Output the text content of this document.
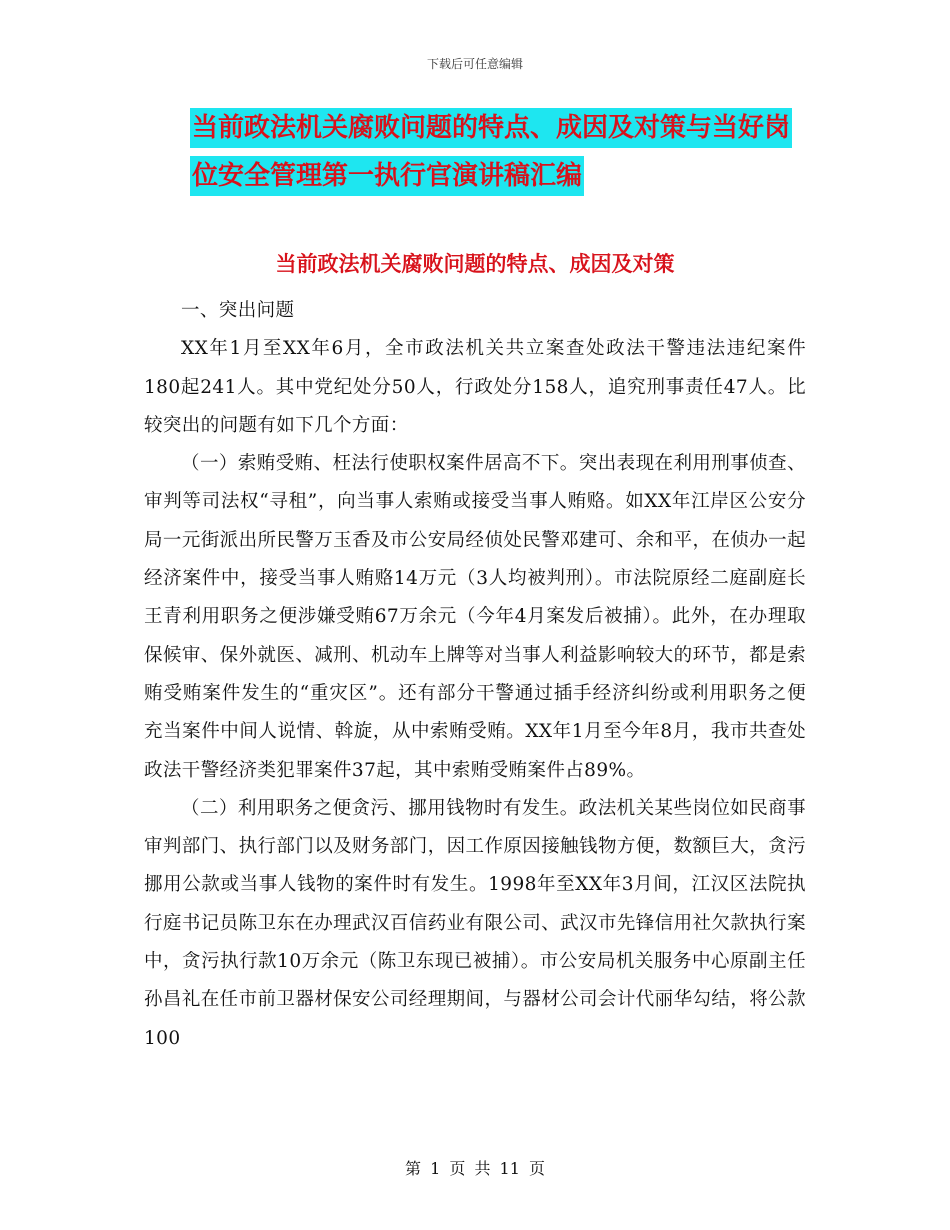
下载后可任意编辑
当前政法机关腐败问题的特点、成因及对策与当好岗
位安全管理第一执行官演讲稿汇编
当前政法机关腐败问题的特点、成因及对策

一、突出问题

XX年1月至XX年6月，全市政法机关共立案查处政法干警违法违纪案件180起241人。其中党纪处分50人，行政处分158人，追究刑事责任47人。比较突出的问题有如下几个方面：

（一）索贿受贿、枉法行使职权案件居高不下。突出表现在利用刑事侦查、审判等司法权“寻租”，向当事人索贿或接受当事人贿赂。如XX年江岸区公安分局一元街派出所民警万玉香及市公安局经侦处民警邓建可、余和平，在侦办一起经济案件中，接受当事人贿赂14万元（3人均被判刑）。市法院原经二庭副庭长王青利用职务之便涉嫌受贿67万余元（今年4月案发后被捕）。此外，在办理取保候审、保外就医、减刑、机动车上牌等对当事人利益影响较大的环节，都是索贿受贿案件发生的“重灾区”。还有部分干警通过插手经济纠纷或利用职务之便充当案件中间人说情、斡旋，从中索贿受贿。XX年1月至今年8月，我市共查处政法干警经济类犯罪案件37起，其中索贿受贿案件占89%。

（二）利用职务之便贪污、挪用钱物时有发生。政法机关某些岗位如民商事审判部门、执行部门以及财务部门，因工作原因接触钱物方便，数额巨大，贪污挪用公款或当事人钱物的案件时有发生。1998年至XX年3月间，江汉区法院执行庭书记员陈卫东在办理武汉百信药业有限公司、武汉市先锋信用社欠款执行案中，贪污执行款10万余元（陈卫东现已被捕）。市公安局机关服务中心原副主任孙昌礼在任市前卫器材保安公司经理期间，与器材公司会计代丽华勾结，将公款100

第 1 页 共 11 页
